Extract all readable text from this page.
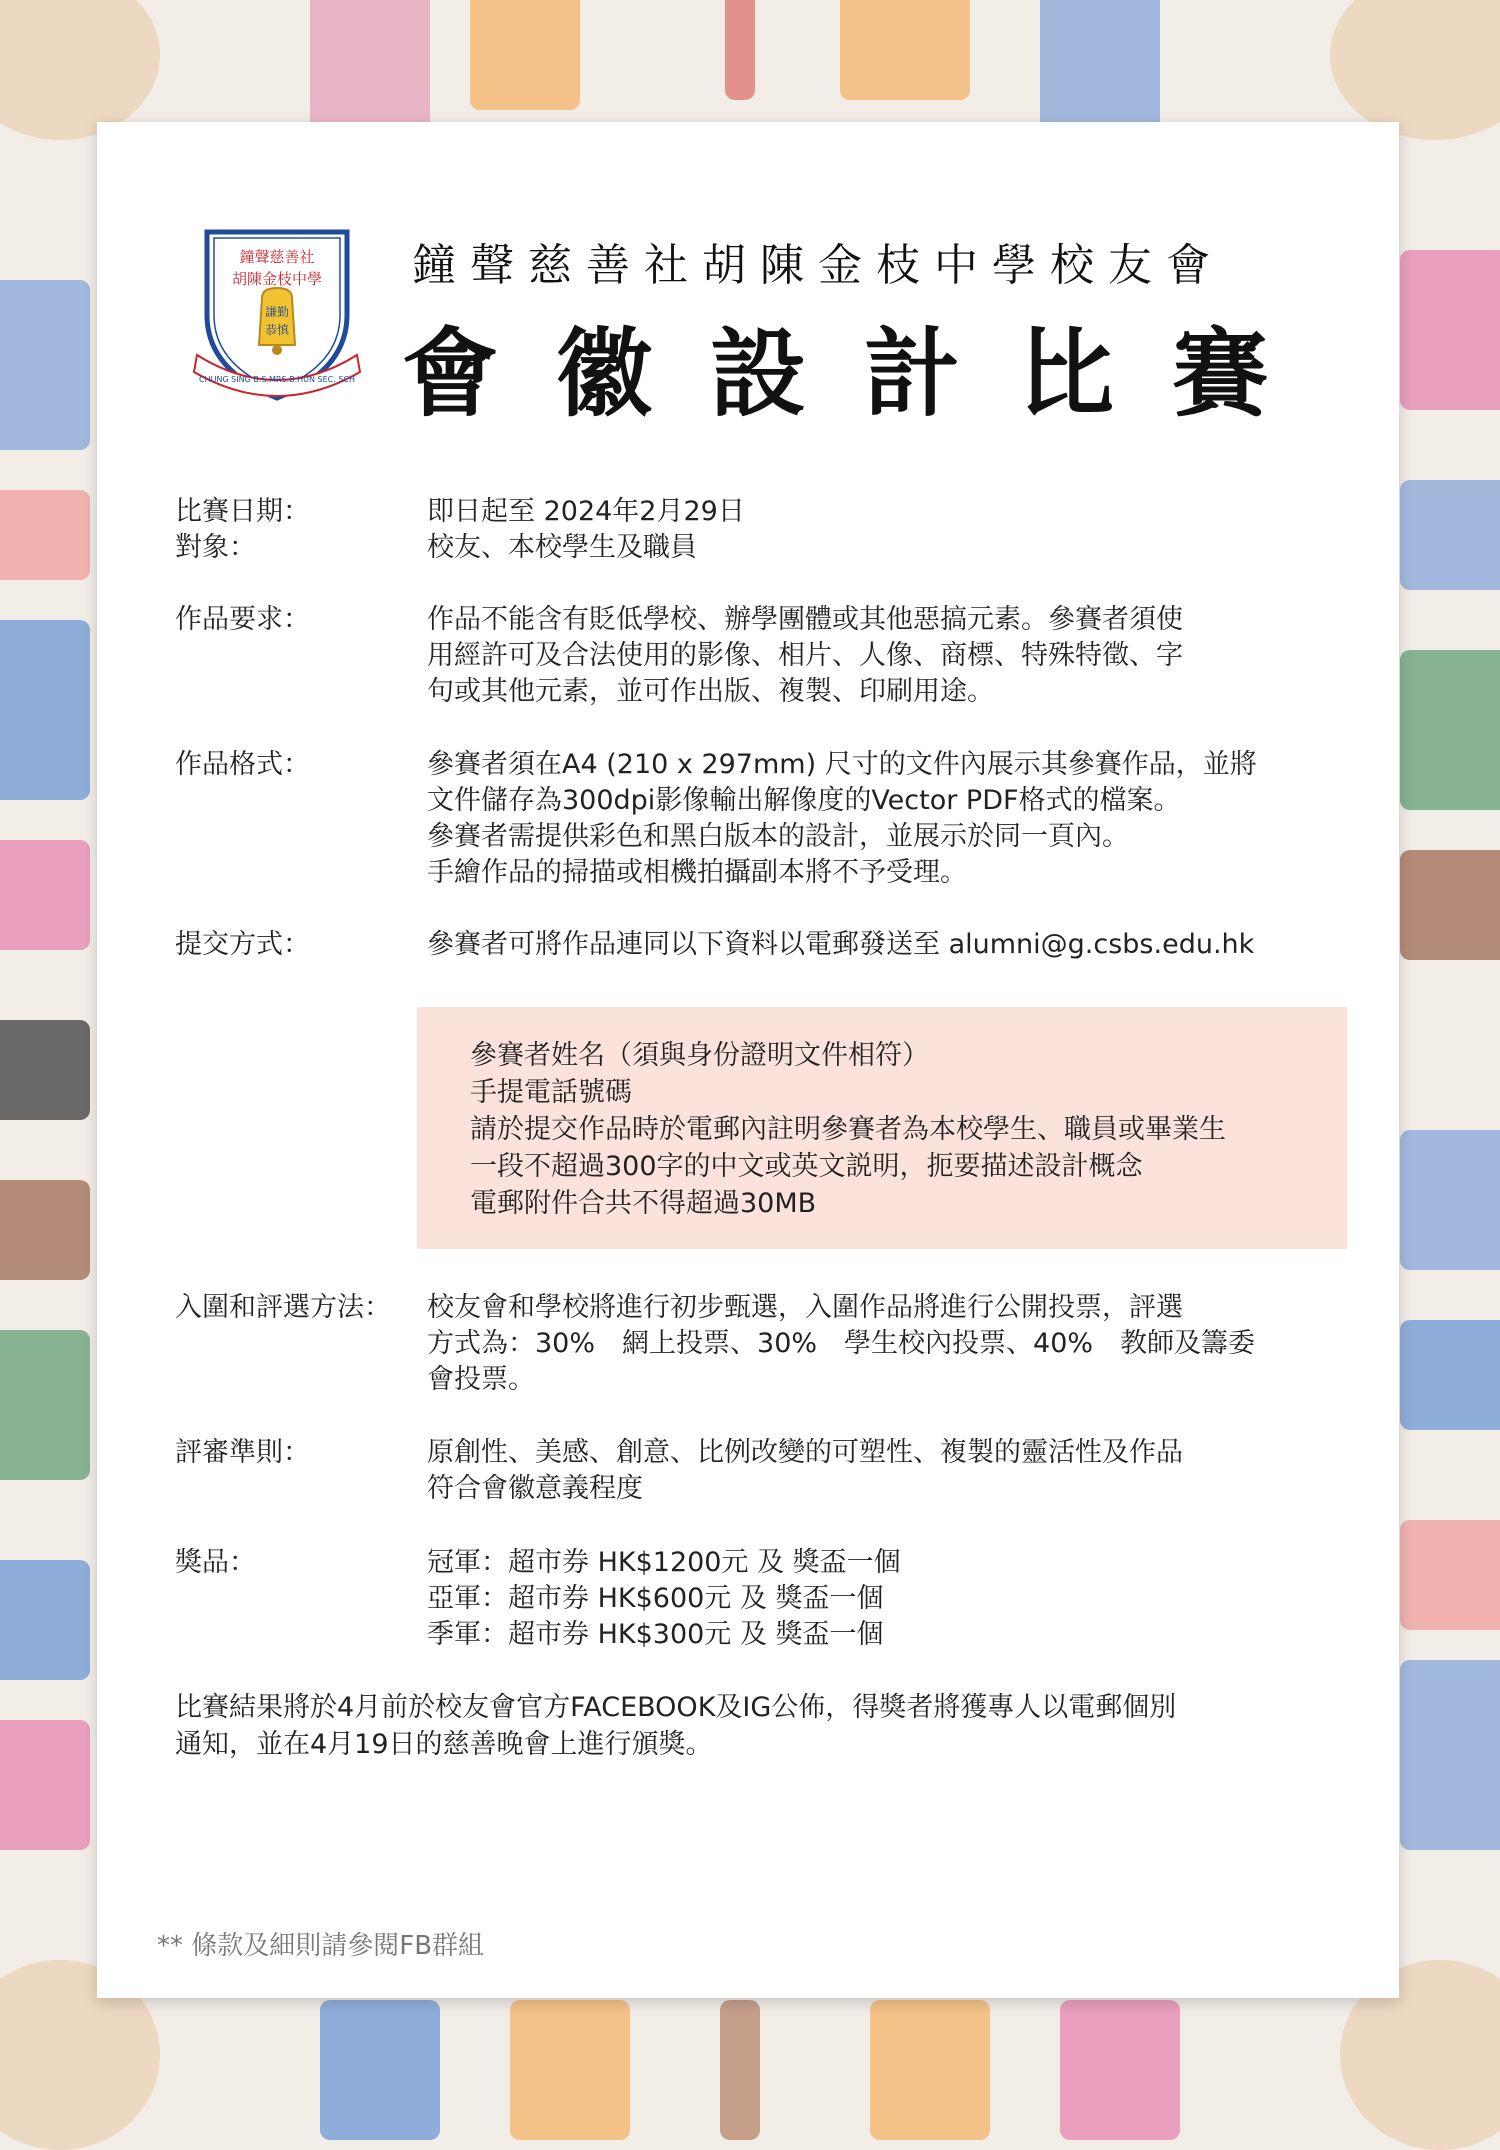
鐘聲慈善社
胡陳金枝中學
謙勤
恭慎
CHUNG SING B.S.MRS.B.HUN SEC. SCH
鐘聲慈善社胡陳金枝中學校友會
會徽設計比賽
比賽日期：	即日起至 2024年2月29日
對象：	校友、本校學生及職員
作品要求：	作品不能含有貶低學校、辦學團體或其他惡搞元素。參賽者須使
用經許可及合法使用的影像、相片、人像、商標、特殊特徵、字
句或其他元素，並可作出版、複製、印刷用途。
作品格式：	參賽者須在A4 (210 x 297mm) 尺寸的文件內展示其參賽作品，並將
文件儲存為300dpi影像輸出解像度的Vector PDF格式的檔案。
參賽者需提供彩色和黑白版本的設計，並展示於同一頁內。
手繪作品的掃描或相機拍攝副本將不予受理。
提交方式：	參賽者可將作品連同以下資料以電郵發送至 alumni@g.csbs.edu.hk
參賽者姓名（須與身份證明文件相符）
手提電話號碼
請於提交作品時於電郵內註明參賽者為本校學生、職員或畢業生
一段不超過300字的中文或英文説明，扼要描述設計概念
電郵附件合共不得超過30MB
入圍和評選方法：	校友會和學校將進行初步甄選，入圍作品將進行公開投票，評選
方式為：30%　網上投票、30%　學生校內投票、40%　教師及籌委
會投票。
評審準則：	原創性、美感、創意、比例改變的可塑性、複製的靈活性及作品
符合會徽意義程度
獎品：	冠軍：超市券 HK$1200元 及 獎盃一個
亞軍：超市券 HK$600元 及 獎盃一個
季軍：超市券 HK$300元 及 獎盃一個
比賽結果將於4月前於校友會官方FACEBOOK及IG公佈，得獎者將獲專人以電郵個別
通知，並在4月19日的慈善晚會上進行頒獎。
** 條款及細則請參閱FB群組
